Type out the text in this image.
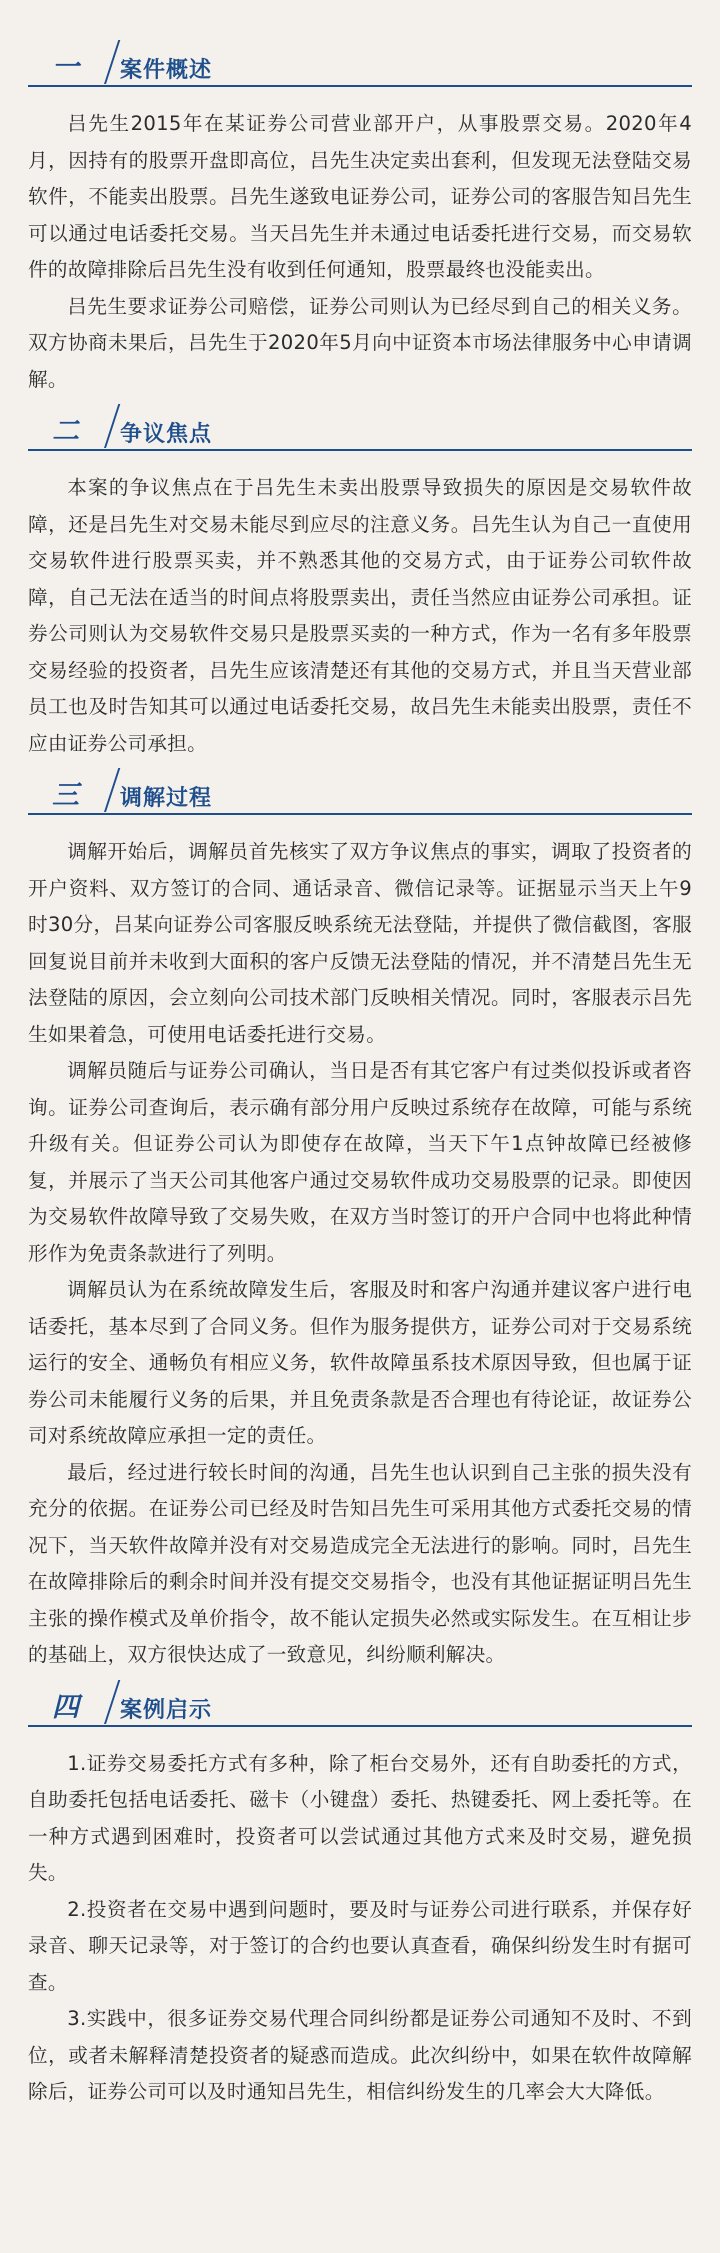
一 案件概述

吕先生2015年在某证券公司营业部开户，从事股票交易。2020年4月，因持有的股票开盘即高位，吕先生决定卖出套利，但发现无法登陆交易软件，不能卖出股票。吕先生遂致电证券公司，证券公司的客服告知吕先生可以通过电话委托交易。当天吕先生并未通过电话委托进行交易，而交易软件的故障排除后吕先生没有收到任何通知，股票最终也没能卖出。

吕先生要求证券公司赔偿，证券公司则认为已经尽到自己的相关义务。双方协商未果后，吕先生于2020年5月向中证资本市场法律服务中心申请调解。

二 争议焦点

本案的争议焦点在于吕先生未卖出股票导致损失的原因是交易软件故障，还是吕先生对交易未能尽到应尽的注意义务。吕先生认为自己一直使用交易软件进行股票买卖，并不熟悉其他的交易方式，由于证券公司软件故障，自己无法在适当的时间点将股票卖出，责任当然应由证券公司承担。证券公司则认为交易软件交易只是股票买卖的一种方式，作为一名有多年股票交易经验的投资者，吕先生应该清楚还有其他的交易方式，并且当天营业部员工也及时告知其可以通过电话委托交易，故吕先生未能卖出股票，责任不应由证券公司承担。

三 调解过程

调解开始后，调解员首先核实了双方争议焦点的事实，调取了投资者的开户资料、双方签订的合同、通话录音、微信记录等。证据显示当天上午9时30分，吕某向证券公司客服反映系统无法登陆，并提供了微信截图，客服回复说目前并未收到大面积的客户反馈无法登陆的情况，并不清楚吕先生无法登陆的原因，会立刻向公司技术部门反映相关情况。同时，客服表示吕先生如果着急，可使用电话委托进行交易。

调解员随后与证券公司确认，当日是否有其它客户有过类似投诉或者咨询。证券公司查询后，表示确有部分用户反映过系统存在故障，可能与系统升级有关。但证券公司认为即使存在故障，当天下午1点钟故障已经被修复，并展示了当天公司其他客户通过交易软件成功交易股票的记录。即使因为交易软件故障导致了交易失败，在双方当时签订的开户合同中也将此种情形作为免责条款进行了列明。

调解员认为在系统故障发生后，客服及时和客户沟通并建议客户进行电话委托，基本尽到了合同义务。但作为服务提供方，证券公司对于交易系统运行的安全、通畅负有相应义务，软件故障虽系技术原因导致，但也属于证券公司未能履行义务的后果，并且免责条款是否合理也有待论证，故证券公司对系统故障应承担一定的责任。

最后，经过进行较长时间的沟通，吕先生也认识到自己主张的损失没有充分的依据。在证券公司已经及时告知吕先生可采用其他方式委托交易的情况下，当天软件故障并没有对交易造成完全无法进行的影响。同时，吕先生在故障排除后的剩余时间并没有提交交易指令，也没有其他证据证明吕先生主张的操作模式及单价指令，故不能认定损失必然或实际发生。在互相让步的基础上，双方很快达成了一致意见，纠纷顺利解决。

四 案例启示

1.证券交易委托方式有多种，除了柜台交易外，还有自助委托的方式，自助委托包括电话委托、磁卡（小键盘）委托、热键委托、网上委托等。在一种方式遇到困难时，投资者可以尝试通过其他方式来及时交易，避免损失。

2.投资者在交易中遇到问题时，要及时与证券公司进行联系，并保存好录音、聊天记录等，对于签订的合约也要认真查看，确保纠纷发生时有据可查。

3.实践中，很多证券交易代理合同纠纷都是证券公司通知不及时、不到位，或者未解释清楚投资者的疑惑而造成。此次纠纷中，如果在软件故障解除后，证券公司可以及时通知吕先生，相信纠纷发生的几率会大大降低。
